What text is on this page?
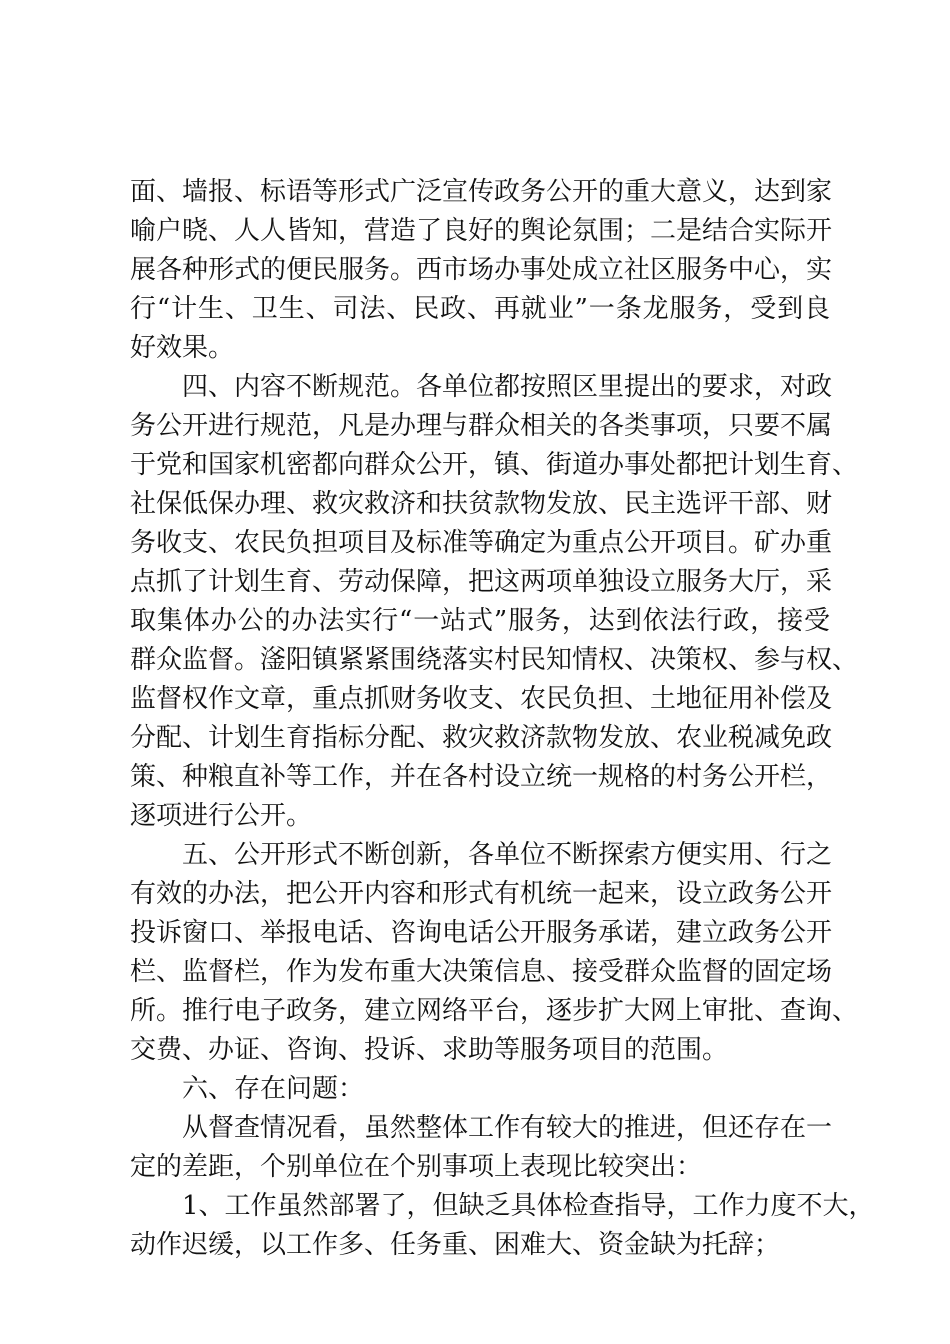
面、墙报、标语等形式广泛宣传政务公开的重大意义，达到家
喻户晓、人人皆知，营造了良好的舆论氛围；二是结合实际开
展各种形式的便民服务。西市场办事处成立社区服务中心，实
行“计生、卫生、司法、民政、再就业”一条龙服务，受到良
好效果。
四、内容不断规范。各单位都按照区里提出的要求，对政
务公开进行规范，凡是办理与群众相关的各类事项，只要不属
于党和国家机密都向群众公开，镇、街道办事处都把计划生育、
社保低保办理、救灾救济和扶贫款物发放、民主选评干部、财
务收支、农民负担项目及标准等确定为重点公开项目。矿办重
点抓了计划生育、劳动保障，把这两项单独设立服务大厅，采
取集体办公的办法实行“一站式”服务，达到依法行政，接受
群众监督。滏阳镇紧紧围绕落实村民知情权、决策权、参与权、
监督权作文章，重点抓财务收支、农民负担、土地征用补偿及
分配、计划生育指标分配、救灾救济款物发放、农业税减免政
策、种粮直补等工作，并在各村设立统一规格的村务公开栏，
逐项进行公开。
五、公开形式不断创新，各单位不断探索方便实用、行之
有效的办法，把公开内容和形式有机统一起来，设立政务公开
投诉窗口、举报电话、咨询电话公开服务承诺，建立政务公开
栏、监督栏，作为发布重大决策信息、接受群众监督的固定场
所。推行电子政务，建立网络平台，逐步扩大网上审批、查询、
交费、办证、咨询、投诉、求助等服务项目的范围。
六、存在问题：
从督查情况看，虽然整体工作有较大的推进，但还存在一
定的差距，个别单位在个别事项上表现比较突出：
1、工作虽然部署了，但缺乏具体检查指导，工作力度不大，
动作迟缓，以工作多、任务重、困难大、资金缺为托辞；
